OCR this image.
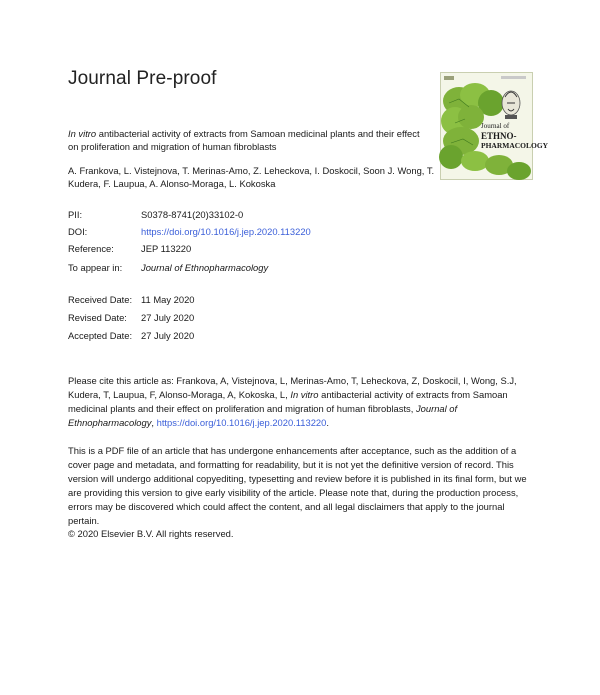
Journal Pre-proof
Journal of
ETHNO-
PHARMACOLOGY
In vitro antibacterial activity of extracts from Samoan medicinal plants and their effect on proliferation and migration of human fibroblasts
A. Frankova, L. Vistejnova, T. Merinas-Amo, Z. Leheckova, I. Doskocil, Soon J. Wong, T. Kudera, F. Laupua, A. Alonso-Moraga, L. Kokoska
PII:	S0378-8741(20)33102-0
DOI:	https://doi.org/10.1016/j.jep.2020.113220
Reference:	JEP 113220
To appear in: Journal of Ethnopharmacology
Received Date: 11 May 2020
Revised Date: 27 July 2020
Accepted Date: 27 July 2020
Please cite this article as: Frankova, A, Vistejnova, L, Merinas-Amo, T, Leheckova, Z, Doskocil, I, Wong, S.J, Kudera, T, Laupua, F, Alonso-Moraga, A, Kokoska, L, In vitro antibacterial activity of extracts from Samoan medicinal plants and their effect on proliferation and migration of human fibroblasts, Journal of Ethnopharmacology, https://doi.org/10.1016/j.jep.2020.113220.
This is a PDF file of an article that has undergone enhancements after acceptance, such as the addition of a cover page and metadata, and formatting for readability, but it is not yet the definitive version of record. This version will undergo additional copyediting, typesetting and review before it is published in its final form, but we are providing this version to give early visibility of the article. Please note that, during the production process, errors may be discovered which could affect the content, and all legal disclaimers that apply to the journal pertain.
© 2020 Elsevier B.V. All rights reserved.
